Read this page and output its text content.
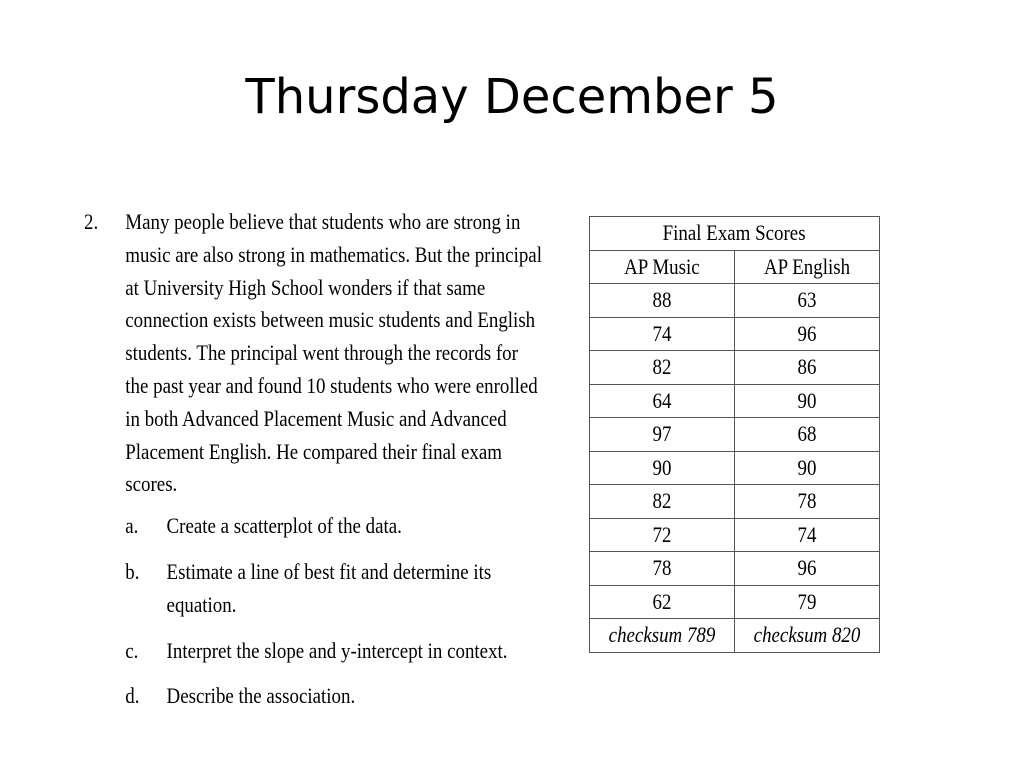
Thursday December 5
2.	Many people believe that students who are strong in music are also strong in mathematics. But the principal at University High School wonders if that same connection exists between music students and English students. The principal went through the records for the past year and found 10 students who were enrolled in both Advanced Placement Music and Advanced Placement English. He compared their final exam scores.

a.	Create a scatterplot of the data.
b.	Estimate a line of best fit and determine its equation.
c.	Interpret the slope and y-intercept in context.
d.	Describe the association.
Final Exam Scores	
AP Music	AP English
88	63
74	96
82	86
64	90
97	68
90	90
82	78
72	74
78	96
62	79
checksum 789	checksum 820
